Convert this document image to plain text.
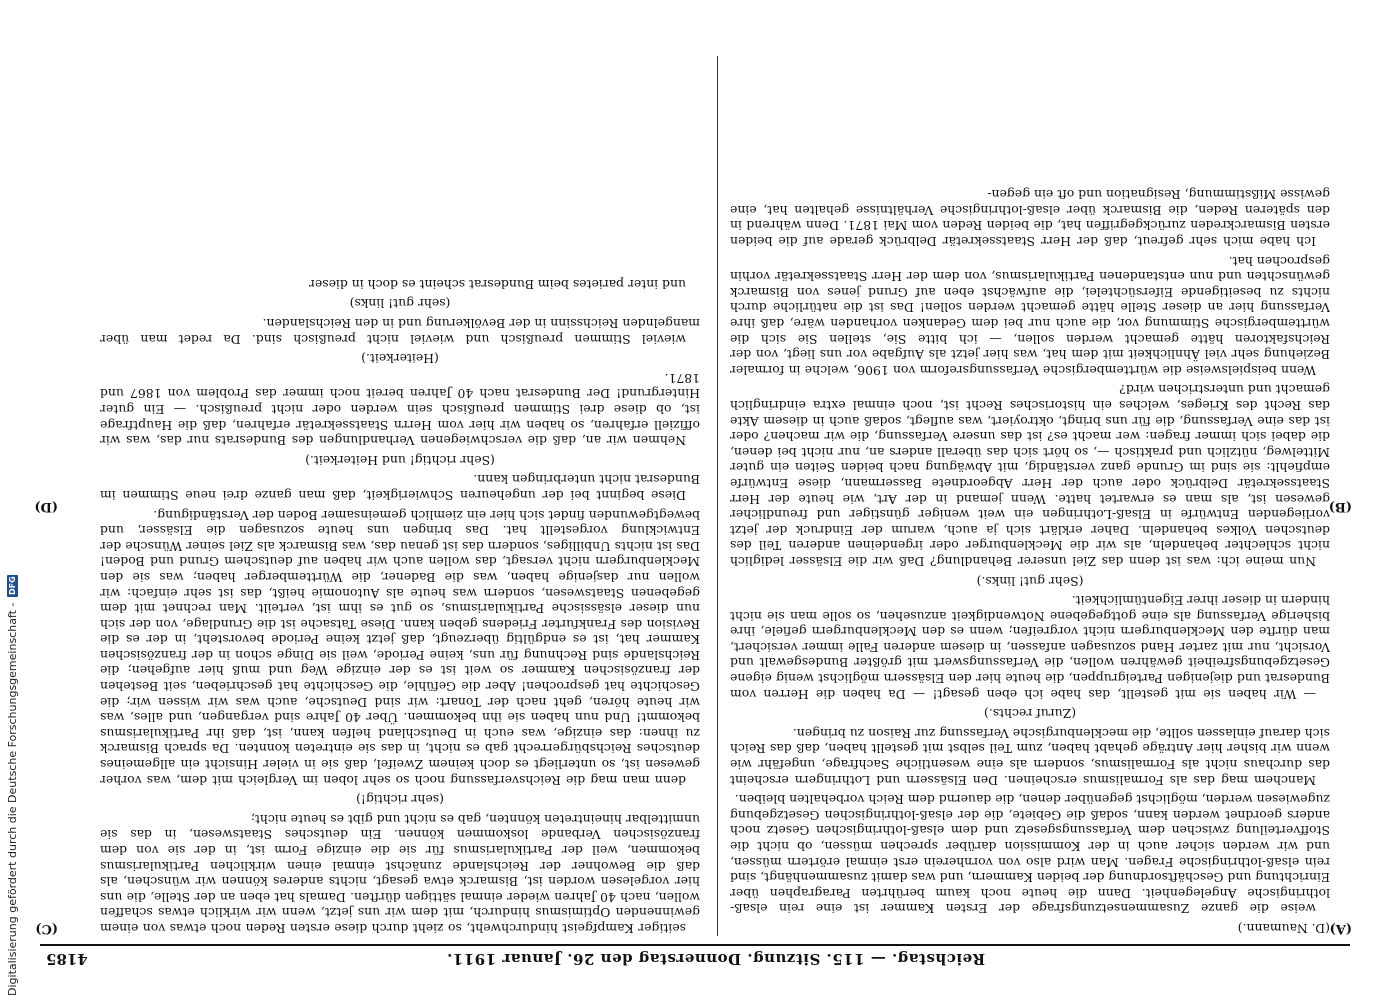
Digitalisierung gefördert durch die Deutsche Forschungsgemeinschaft -
DFG
Reichstag. — 115. Sitzung. Donnerstag den 26. Januar 1911.
4185
(A)
(B)
(C)
(D)
(D. Naumann.)

weise die ganze Zusammensetzungsfrage der Ersten Kammer ist eine rein elsaß-lothringische Angelegenheit. Dann die heute noch kaum berührten Paragraphen über Einrichtung und Geschäftsordnung der beiden Kammern, und was damit zusammenhängt, sind rein elsaß-lothringische Fragen. Man wird also von vornherein erst einmal erörtern müssen, und wir werden sicher auch in der Kommission darüber sprechen müssen, ob nicht die Stoffverteilung zwischen dem Verfassungsgesetz und dem elsaß-lothringischen Gesetz noch anders geordnet werden kann, sodaß die Gebiete, die der elsaß-lothringischen Gesetzgebung zugewiesen werden, möglichst gegenüber denen, die dauernd dem Reich vorbehalten bleiben.

Manchem mag das als Formalismus erscheinen. Den Elsässern und Lothringern erscheint das durchaus nicht als Formalismus, sondern als eine wesentliche Sachfrage, ungefähr wie wenn wir bisher hier Anträge gehabt haben, zum Teil selbst mit gestellt haben, daß das Reich sich darauf einlassen sollte, die mecklenburgische Verfassung zur Raison zu bringen.

(Zuruf rechts.)

— Wir haben sie mit gestellt, das habe ich eben gesagt! — Da haben die Herren vom Bundesrat und diejenigen Parteigruppen, die heute hier den Elsässern möglichst wenig eigene Gesetzgebungsfreiheit gewähren wollen, die Verfassungswert mit größter Bundesgewalt und Vorsicht, nur mit zarter Hand sozusagen anfassen, in diesem anderen Falle immer versichert, man dürfte den Mecklenburgern nicht vorgreifen; wenn es den Mecklenburgern gefiele, ihre bisherige Verfassung als eine gottgegebene Notwendigkeit anzusehen, so solle man sie nicht hindern in dieser ihrer Eigentümlichkeit.

(Sehr gut! links.)

Nun meine ich: was ist denn das Ziel unserer Behandlung? Daß wir die Elsässer lediglich nicht schlechter behandeln, als wir die Mecklenburger oder irgendeinen anderen Teil des deutschen Volkes behandeln. Daher erklärt sich ja auch, warum der Eindruck der jetzt vorliegenden Entwürfe in Elsaß-Lothringen ein weit weniger günstiger und freundlicher gewesen ist, als man es erwartet hatte. Wenn jemand in der Art, wie heute der Herr Staatssekretär Delbrück oder auch der Herr Abgeordnete Bassermann, diese Entwürfe empfiehlt: sie sind im Grunde ganz verständig, mit Abwägung nach beiden Seiten ein guter Mittelweg, nützlich und praktisch —, so hört sich das überall anders an, nur nicht bei denen, die dabei sich immer fragen: wer macht es? ist das unsere Verfassung, die wir machen? oder ist das eine Verfassung, die für uns bringt, oktroyiert, was auflegt, sodaß auch in diesem Akte das Recht des Krieges, welches ein historisches Recht ist, noch einmal extra eindringlich gemacht und unterstrichen wird?

Wenn beispielsweise die württembergische Verfassungsreform von 1906, welche in formaler Beziehung sehr viel Ähnlichkeit mit dem hat, was hier jetzt als Aufgabe vor uns liegt, von der Reichsfaktoren hätte gemacht werden sollen, — ich bitte Sie, stellen Sie sich die württembergische Stimmung vor, die auch nur bei dem Gedanken vorhanden wäre, daß ihre Verfassung hier an dieser Stelle hätte gemacht werden sollen! Das ist die natürliche durch nichts zu beseitigende Eifersüchtelei, die aufwächst eben auf Grund jenes von Bismarck gewünschten und nun entstandenen Partikularismus, von dem der Herr Staatssekretär vorhin gesprochen hat.

Ich habe mich sehr gefreut, daß der Herr Staatssekretär Delbrück gerade auf die beiden ersten Bismarckreden zurückgegriffen hat, die beiden Reden vom Mai 1871. Denn während in den späteren Reden, die Bismarck über elsaß-lothringische Verhältnisse gehalten hat, eine gewisse Mißstimmung, Resignation und oft ein gegen-

seitiger Kampfgeist hindurchweht, so zieht durch diese ersten Reden noch etwas von einem gewinnenden Optimismus hindurch, mit dem wir uns jetzt, wenn wir wirklich etwas schaffen wollen, nach 40 Jahren wieder einmal sättigen dürften. Damals hat eben an der Stelle, die uns hier vorgelesen worden ist, Bismarck etwa gesagt, nichts anderes können wir wünschen, als daß die Bewohner der Reichslande zunächst einmal einen wirklichen Partikularismus bekommen, weil der Partikularismus für sie die einzige Form ist, in der sie von dem französischen Verbande loskommen können. Ein deutsches Staatswesen, in das sie unmittelbar hineintreten könnten, gab es nicht und gibt es heute nicht;

(sehr richtig!)

denn man mag die Reichsverfassung noch so sehr loben im Vergleich mit dem, was vorher gewesen ist, so unterliegt es doch keinem Zweifel, daß sie in vieler Hinsicht ein allgemeines deutsches Reichsbürgerrecht gab es nicht, in das sie eintreten konnten. Da sprach Bismarck zu ihnen: das einzige, was euch in Deutschland helfen kann, ist, daß ihr Partikularismus bekommt! Und nun haben sie ihn bekommen. Über 40 Jahre sind vergangen, und alles, was wir heute hören, geht nach der Tonart: wir sind Deutsche, auch was wir wissen wir; die Geschichte hat gesprochen! Aber die Gefühle, die Geschichte hat geschrieben, seit Bestehen der französischen Kammer so weit ist es der einzige Weg und muß hier aufgehen; die Reichslande sind Rechnung für uns, keine Periode, weil sie Dinge schon in der französischen Kammer hat, ist es endgültig überzeugt, daß jetzt keine Periode bevorsteht, in der es die Revision des Frankfurter Friedens geben kann. Diese Tatsache ist die Grundlage, von der sich nun dieser elsässische Partikularismus, so gut es ihm ist, verteilt. Man rechnet mit dem gegebenen Staatswesen, sondern was heute als Autonomie heißt, das ist sehr einfach: wir wollen nur dasjenige haben, was die Badener, die Württemberger haben; was sie den Mecklenburgern nicht versagt, das wollen auch wir haben auf deutschem Grund und Boden! Das ist nichts Unbilliges, sondern das ist genau das, was Bismarck als Ziel seiner Wünsche der Entwicklung vorgestellt hat. Das bringen uns heute sozusagen die Elsässer, und bewegtgewunden findet sich hier ein ziemlich gemeinsamer Boden der Verständigung.

Diese beginnt bei der ungeheuren Schwierigkeit, daß man ganze drei neue Stimmen im Bundesrat nicht unterbringen kann.

(Sehr richtig! und Heiterkeit.)

Nehmen wir an, daß die verschwiegenen Verhandlungen des Bundesrats nur das, was wir offiziell erfahren, so haben wir hier vom Herrn Staatssekretär erfahren, daß die Hauptfrage ist, ob diese drei Stimmen preußisch sein werden oder nicht preußisch. — Ein guter Hintergrund! Der Bundesrat nach 40 Jahren bereit noch immer das Problem von 1867 und 1871.

(Heiterkeit.)

wieviel Stimmen preußisch und wieviel nicht preußisch sind. Da redet man über mangelnden Reichssinn in der Bevölkerung und in den Reichslanden.

(sehr gut! links)

und inter parietes beim Bundesrat scheint es doch in dieser
